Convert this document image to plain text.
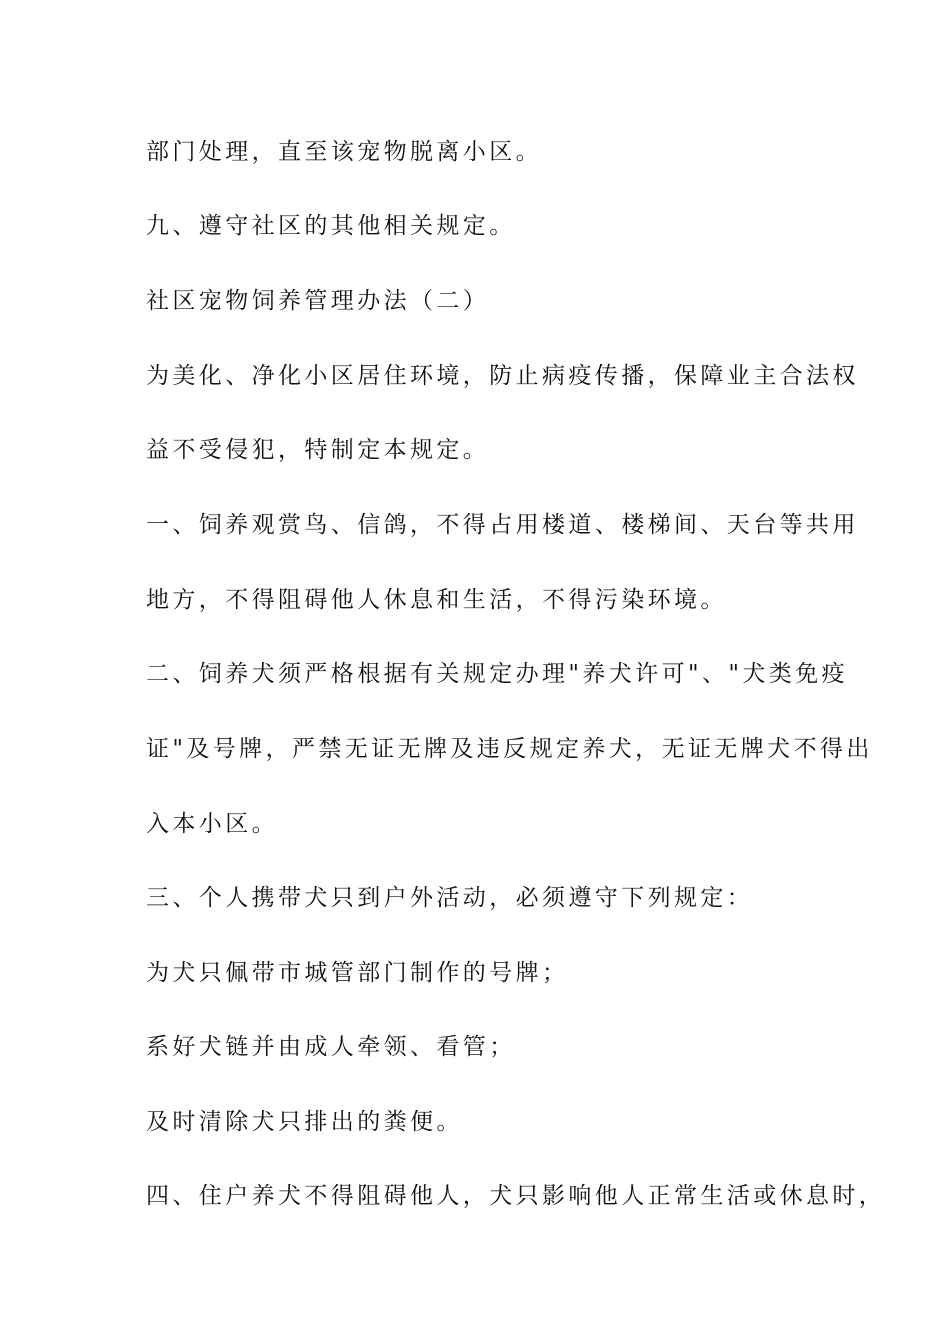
部门处理，直至该宠物脱离小区。
九、遵守社区的其他相关规定。
社区宠物饲养管理办法（二）
为美化、净化小区居住环境，防止病疫传播，保障业主合法权
益不受侵犯，特制定本规定。
一、饲养观赏鸟、信鸽，不得占用楼道、楼梯间、天台等共用
地方，不得阻碍他人休息和生活，不得污染环境。
二、饲养犬须严格根据有关规定办理"养犬许可"、"犬类免疫
证"及号牌，严禁无证无牌及违反规定养犬，无证无牌犬不得出
入本小区。
三、个人携带犬只到户外活动，必须遵守下列规定：
为犬只佩带市城管部门制作的号牌；
系好犬链并由成人牵领、看管；
及时清除犬只排出的粪便。
四、住户养犬不得阻碍他人，犬只影响他人正常生活或休息时，
